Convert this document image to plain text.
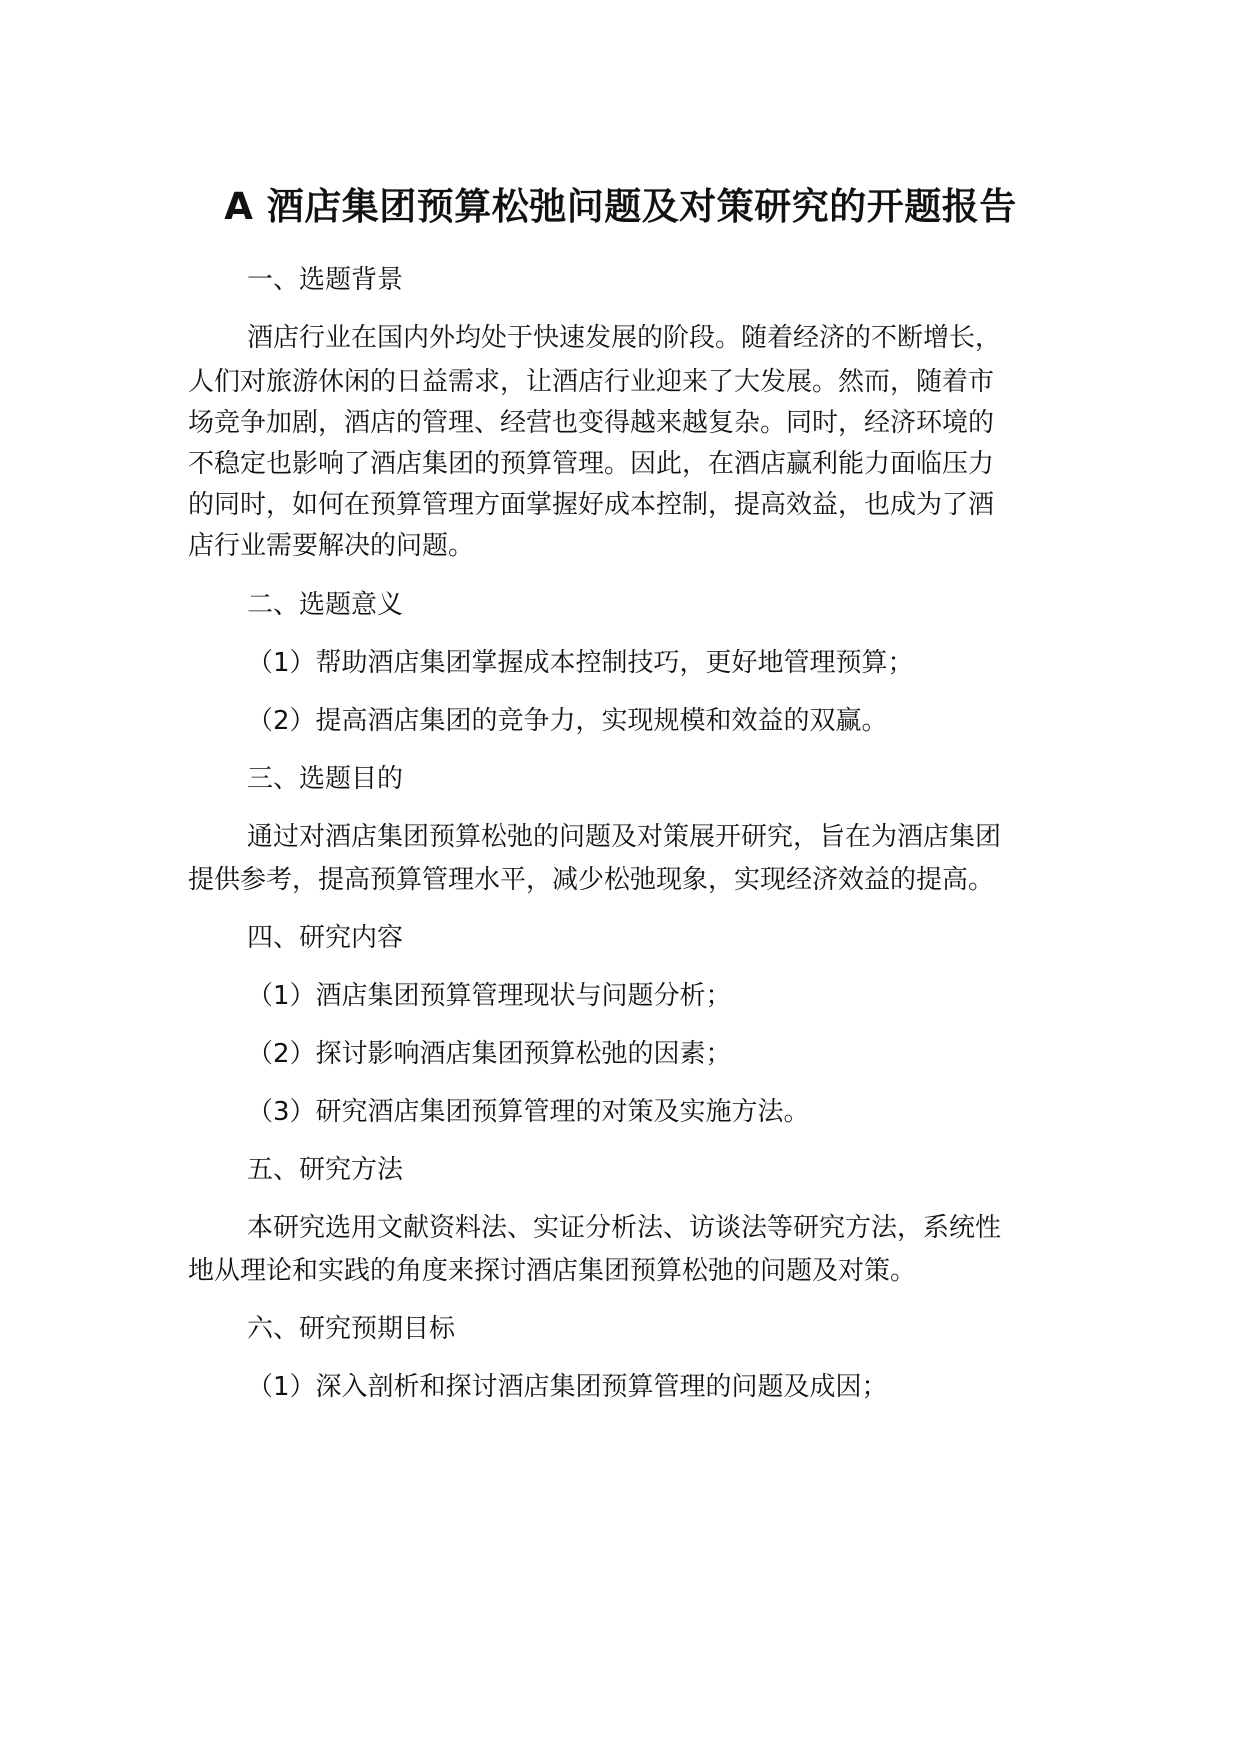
A 酒店集团预算松弛问题及对策研究的开题报告
一、选题背景
酒店行业在国内外均处于快速发展的阶段。随着经济的不断增长，
人们对旅游休闲的日益需求，让酒店行业迎来了大发展。然而，随着市
场竞争加剧，酒店的管理、经营也变得越来越复杂。同时，经济环境的
不稳定也影响了酒店集团的预算管理。因此，在酒店赢利能力面临压力
的同时，如何在预算管理方面掌握好成本控制，提高效益，也成为了酒
店行业需要解决的问题。
二、选题意义
（1）帮助酒店集团掌握成本控制技巧，更好地管理预算；
（2）提高酒店集团的竞争力，实现规模和效益的双赢。
三、选题目的
通过对酒店集团预算松弛的问题及对策展开研究，旨在为酒店集团
提供参考，提高预算管理水平，减少松弛现象，实现经济效益的提高。
四、研究内容
（1）酒店集团预算管理现状与问题分析；
（2）探讨影响酒店集团预算松弛的因素；
（3）研究酒店集团预算管理的对策及实施方法。
五、研究方法
本研究选用文献资料法、实证分析法、访谈法等研究方法，系统性
地从理论和实践的角度来探讨酒店集团预算松弛的问题及对策。
六、研究预期目标
（1）深入剖析和探讨酒店集团预算管理的问题及成因；
